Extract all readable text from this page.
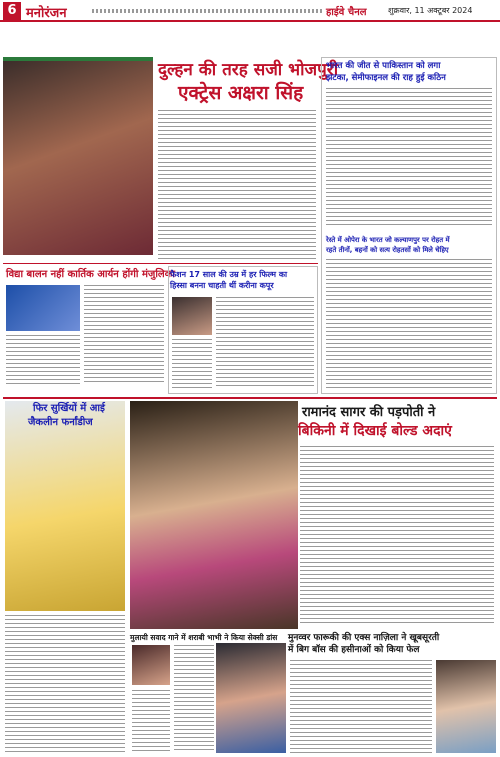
6 मनोरंजन	हाईवे चैनल	शुक्रवार, 11 अक्टूबर 2024
दुल्हन की तरह सजी भोजपुरी
एक्ट्रेस अक्षरा सिंह
भारत की जीत से पाकिस्तान को लगा
झटका, सेमीफाइनल की राह हुई कठिन
रेस्ते में ओपेरा के भारत जो कल्याणपुर पर रोहत में
रहते तीनों, बहनों को सत्य रोहतसों को मिले चेहिए
विद्या बालन नहीं कार्तिक आर्यन होंगी मंजुलिका
फैशन 17 साल की उम्र में हर फिल्म का
हिस्सा बनना चाहती थीं करीना कपूर
फिर सुर्खियों में आई
जैकलीन फर्नांडीज
रामानंद सागर की पड़पोती ने
बिकिनी में दिखाई बोल्ड अदाएं
मुलायी सवाद गाने में शराबी भाभी ने किया सेक्सी डांस मुनव्वर फारूकी की एक्स नाज़िला ने खूबसूरती
में बिग बॉस की हसीनाओं को किया फेल
